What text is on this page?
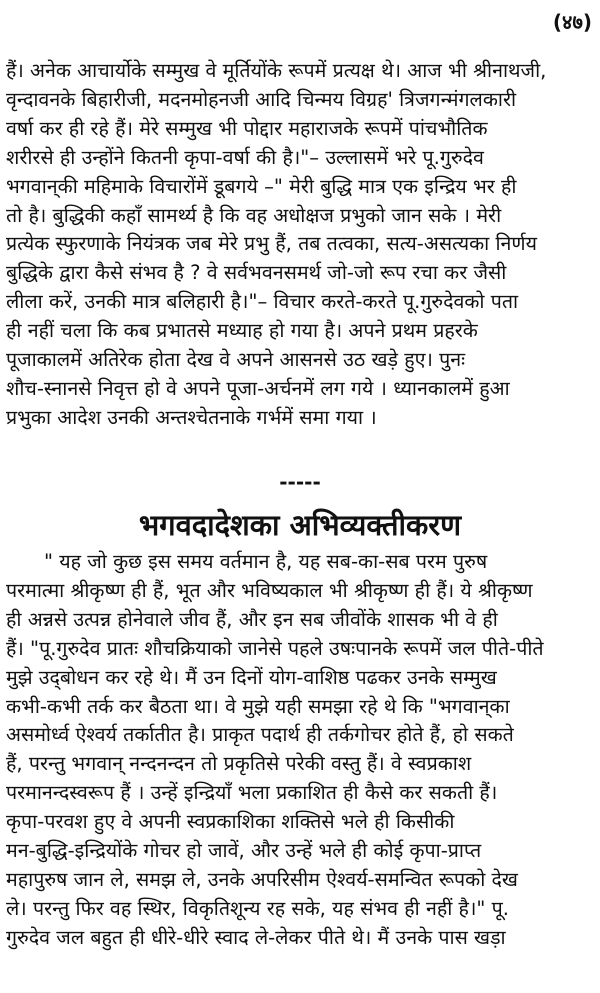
(४७)
हैं। अनेक आचार्योके सम्मुख वे मूर्तियोंके रूपमें प्रत्यक्ष थे। आज भी श्रीनाथजी,
वृन्दावनके बिहारीजी, मदनमोहनजी आदि चिन्मय विग्रह' त्रिजगन्मंगलकारी
वर्षा कर ही रहे हैं। मेरे सम्मुख भी पोद्दार महाराजके रूपमें पांचभौतिक
शरीरसे ही उन्होंने कितनी कृपा-वर्षा की है।"– उल्लासमें भरे पू.गुरुदेव
भगवान्‌की महिमाके विचारोंमें डूबगये –" मेरी बुद्धि मात्र एक इन्द्रिय भर ही
तो है। बुद्धिकी कहाँ सामर्थ्य है कि वह अधोक्षज प्रभुको जान सके । मेरी
प्रत्येक स्फुरणाके नियंत्रक जब मेरे प्रभु हैं, तब तत्वका, सत्य-असत्यका निर्णय
बुद्धिके द्वारा कैसे संभव है ? वे सर्वभवनसमर्थ जो-जो रूप रचा कर जैसी
लीला करें, उनकी मात्र बलिहारी है।"– विचार करते-करते पू.गुरुदेवको पता
ही नहीं चला कि कब प्रभातसे मध्याह हो गया है। अपने प्रथम प्रहरके
पूजाकालमें अतिरेक होता देख वे अपने आसनसे उठ खड़े हुए। पुनः
शौच-स्नानसे निवृत्त हो वे अपने पूजा-अर्चनमें लग गये । ध्यानकालमें हुआ
प्रभुका आदेश उनकी अन्तश्चेतनाके गर्भमें समा गया ।
-----
भगवदादेशका अभिव्यक्तीकरण
" यह जो कुछ इस समय वर्तमान है, यह सब-का-सब परम पुरुष
परमात्मा श्रीकृष्ण ही हैं, भूत और भविष्यकाल भी श्रीकृष्ण ही हैं। ये श्रीकृष्ण
ही अन्नसे उत्पन्न होनेवाले जीव हैं, और इन सब जीवोंके शासक भी वे ही
हैं। "पू.गुरुदेव प्रातः शौचक्रियाको जानेसे पहले उषःपानके रूपमें जल पीते-पीते
मुझे उद्‌बोधन कर रहे थे। मैं उन दिनों योग-वाशिष्ठ पढकर उनके सम्मुख
कभी-कभी तर्क कर बैठता था। वे मुझे यही समझा रहे थे कि "भगवान्‌का
असमोर्ध्व ऐश्वर्य तर्कातीत है। प्राकृत पदार्थ ही तर्कगोचर होते हैं, हो सकते
हैं, परन्तु भगवान् नन्दनन्दन तो प्रकृतिसे परेकी वस्तु हैं। वे स्वप्रकाश
परमानन्दस्वरूप हैं । उन्हें इन्द्रियाँ भला प्रकाशित ही कैसे कर सकती हैं।
कृपा-परवश हुए वे अपनी स्वप्रकाशिका शक्तिसे भले ही किसीकी
मन-बुद्धि-इन्द्रियोंके गोचर हो जावें, और उन्हें भले ही कोई कृपा-प्राप्त
महापुरुष जान ले, समझ ले, उनके अपरिसीम ऐश्वर्य-समन्वित रूपको देख
ले। परन्तु फिर वह स्थिर, विकृतिशून्य रह सके, यह संभव ही नहीं है।" पू.
गुरुदेव जल बहुत ही धीरे-धीरे स्वाद ले-लेकर पीते थे। मैं उनके पास खड़ा
